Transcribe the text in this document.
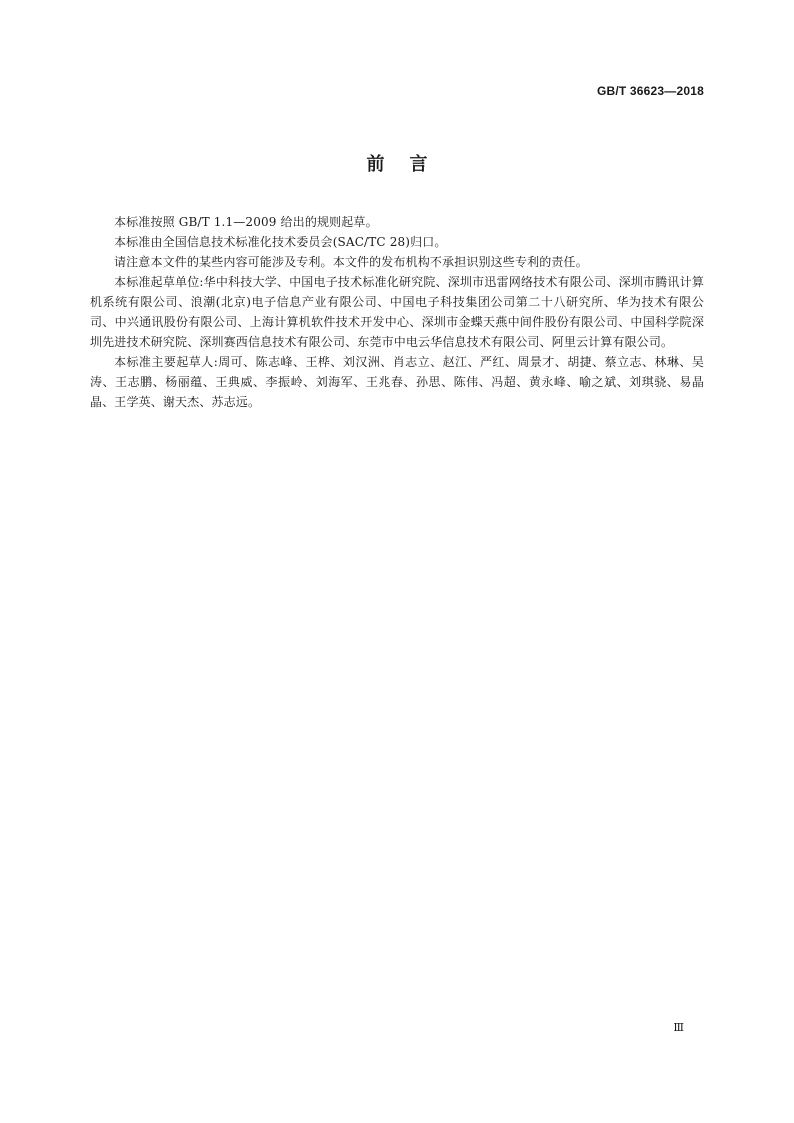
GB/T 36623—2018
前    言

本标准按照 GB/T 1.1—2009 给出的规则起草。

本标准由全国信息技术标准化技术委员会(SAC/TC 28)归口。

请注意本文件的某些内容可能涉及专利。本文件的发布机构不承担识别这些专利的责任。

本标准起草单位:华中科技大学、中国电子技术标准化研究院、深圳市迅雷网络技术有限公司、深圳市腾讯计算机系统有限公司、浪潮(北京)电子信息产业有限公司、中国电子科技集团公司第二十八研究所、华为技术有限公司、中兴通讯股份有限公司、上海计算机软件技术开发中心、深圳市金蝶天燕中间件股份有限公司、中国科学院深圳先进技术研究院、深圳赛西信息技术有限公司、东莞市中电云华信息技术有限公司、阿里云计算有限公司。

本标准主要起草人:周可、陈志峰、王桦、刘汉洲、肖志立、赵江、严红、周景才、胡捷、蔡立志、林琳、吴涛、王志鹏、杨丽蕴、王典威、李振岭、刘海军、王兆春、孙思、陈伟、冯超、黄永峰、喻之斌、刘琪骁、易晶晶、王学英、谢天杰、苏志远。

Ⅲ
